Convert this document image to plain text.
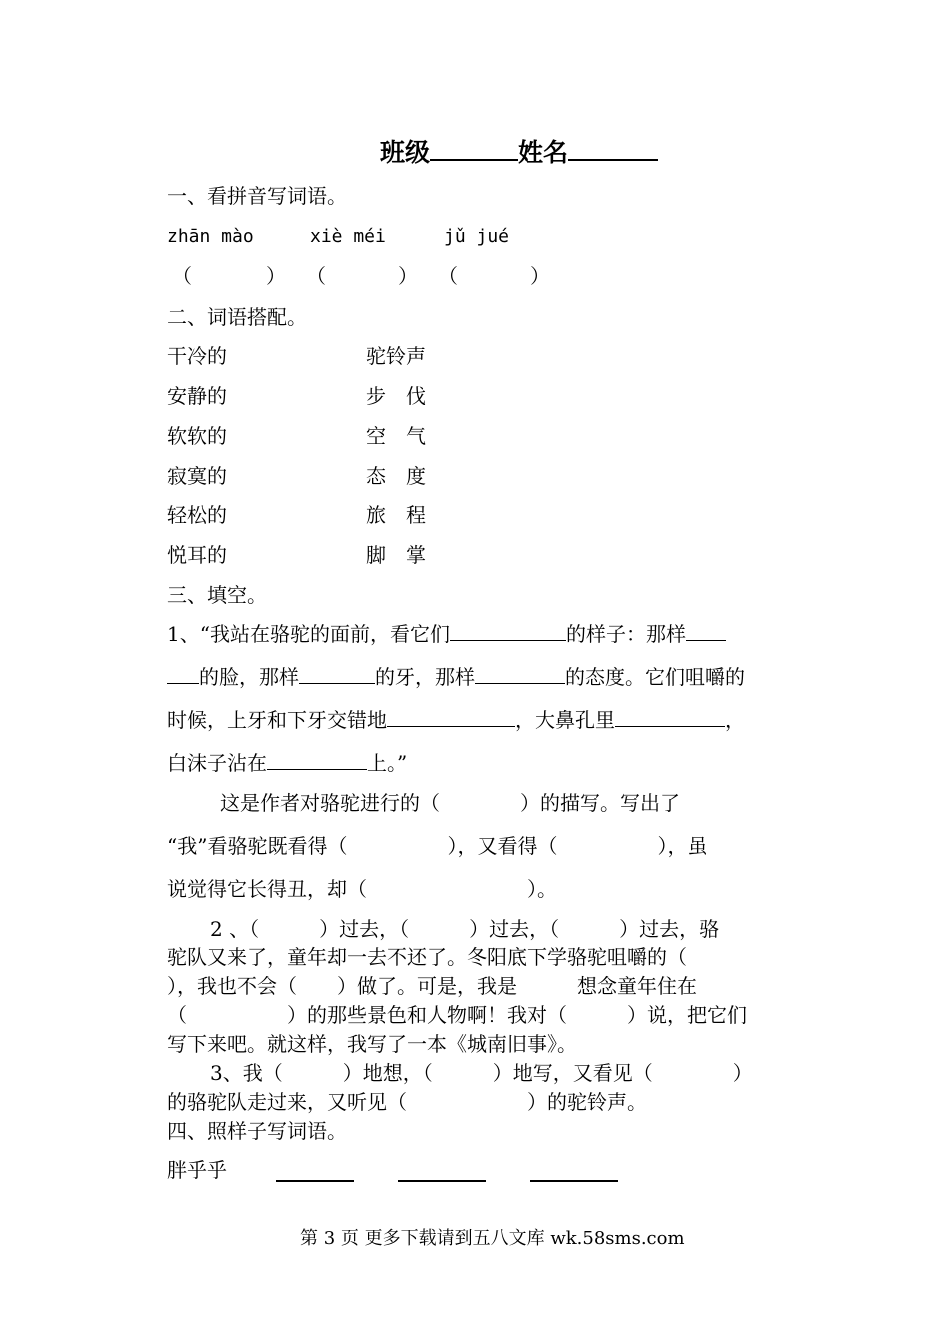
班级	姓名
一、看拼音写词语。
zhān mào	xiè méi	jǔ jué
（	） （	） （	）
二、词语搭配。
干冷的	驼铃声
安静的	步　伐
软软的	空　气
寂寞的	态　度
轻松的	旅　程
悦耳的	脚　掌
三、填空。
1、“我站在骆驼的面前，看它们	的样子：那样
的脸，那样	的牙，那样	的态度。它们咀嚼的
时候，上牙和下牙交错地	，大鼻孔里	，
白沫子沾在	上。”
这是作者对骆驼进行的（　　　　）的描写。写出了
“我”看骆驼既看得（　　　　　），又看得（　　　　　），虽
说觉得它长得丑，却（　　　　　　　　）。
2 、（　　　）过去，（　　　）过去，（　　　）过去，骆
驼队又来了，童年却一去不还了。冬阳底下学骆驼咀嚼的（
），我也不会（　　）做了。可是，我是　　　想念童年住在
（　　　　　）的那些景色和人物啊！我对（　　　）说，把它们
写下来吧。就这样，我写了一本《城南旧事》。
3、我（　　　）地想，（　　　）地写，又看见（　　　　）
的骆驼队走过来，又听见（　　　　　　）的驼铃声。
四、照样子写词语。
胖乎乎
第 3 页 更多下载请到五八文库 wk.58sms.com
